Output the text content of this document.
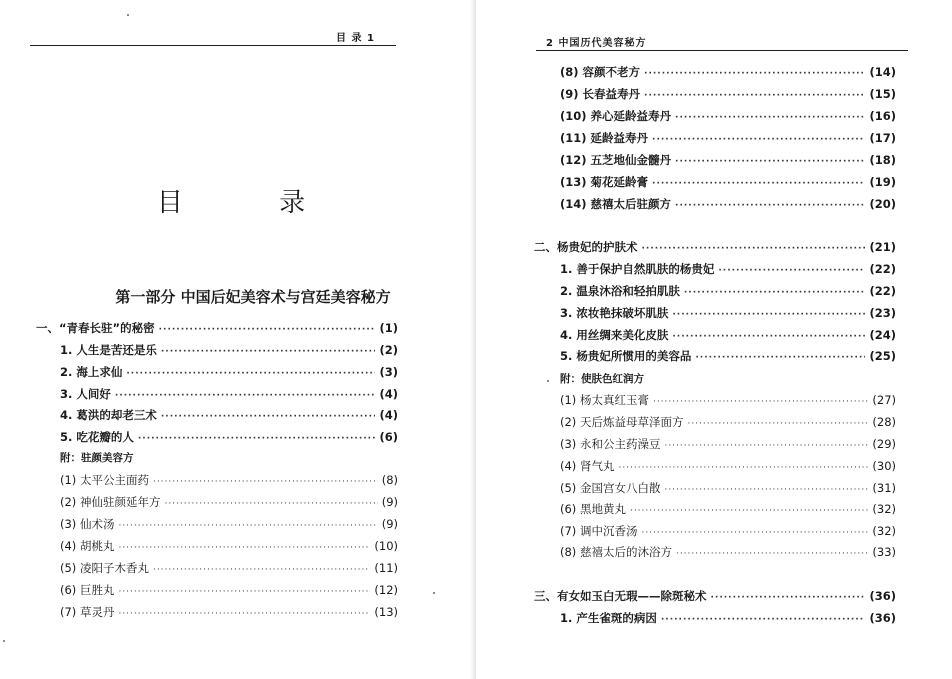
目 录 1
目 录
第一部分 中国后妃美容术与宫廷美容秘方
一、“青春长驻”的秘密 ·····	(1)
1. 人生是苦还是乐 ·····	(2)
2. 海上求仙 ·····	(3)
3. 人间好 ·····	(4)
4. 葛洪的却老三术 ·····	(4)
5. 吃花瓣的人 ·····	(6)
附：驻颜美容方
(1) 太平公主面药 ·····	(8)
(2) 神仙驻颜延年方 ·····	(9)
(3) 仙术汤 ·····	(9)
(4) 胡桃丸 ·····	(10)
(5) 凌阳子木香丸 ·····	(11)
(6) 巨胜丸 ·····	(12)
(7) 草灵丹 ·····	(13)
2 中国历代美容秘方
(8) 容颜不老方 ·····	(14)
(9) 长春益寿丹 ·····	(15)
(10) 养心延龄益寿丹 ·····	(16)
(11) 延龄益寿丹 ·····	(17)
(12) 五芝地仙金髓丹 ·····	(18)
(13) 菊花延龄膏 ·····	(19)
(14) 慈禧太后驻颜方 ·····	(20)
二、杨贵妃的护肤术 ·····	(21)
1. 善于保护自然肌肤的杨贵妃 ·····	(22)
2. 温泉沐浴和轻拍肌肤 ·····	(22)
3. 浓妆艳抹破坏肌肤 ·····	(23)
4. 用丝绸来美化皮肤 ·····	(24)
5. 杨贵妃所惯用的美容品 ·····	(25)
附：使肤色红润方
(1) 杨太真红玉膏 ·····	(27)
(2) 天后炼益母草泽面方 ·····	(28)
(3) 永和公主药澡豆 ·····	(29)
(4) 肾气丸 ·····	(30)
(5) 金国宫女八白散 ·····	(31)
(6) 黑地黄丸 ·····	(32)
(7) 调中沉香汤 ·····	(32)
(8) 慈禧太后的沐浴方 ·····	(33)
三、有女如玉白无瑕——除斑秘术 ·····	(36)
1. 产生雀斑的病因 ·····	(36)
